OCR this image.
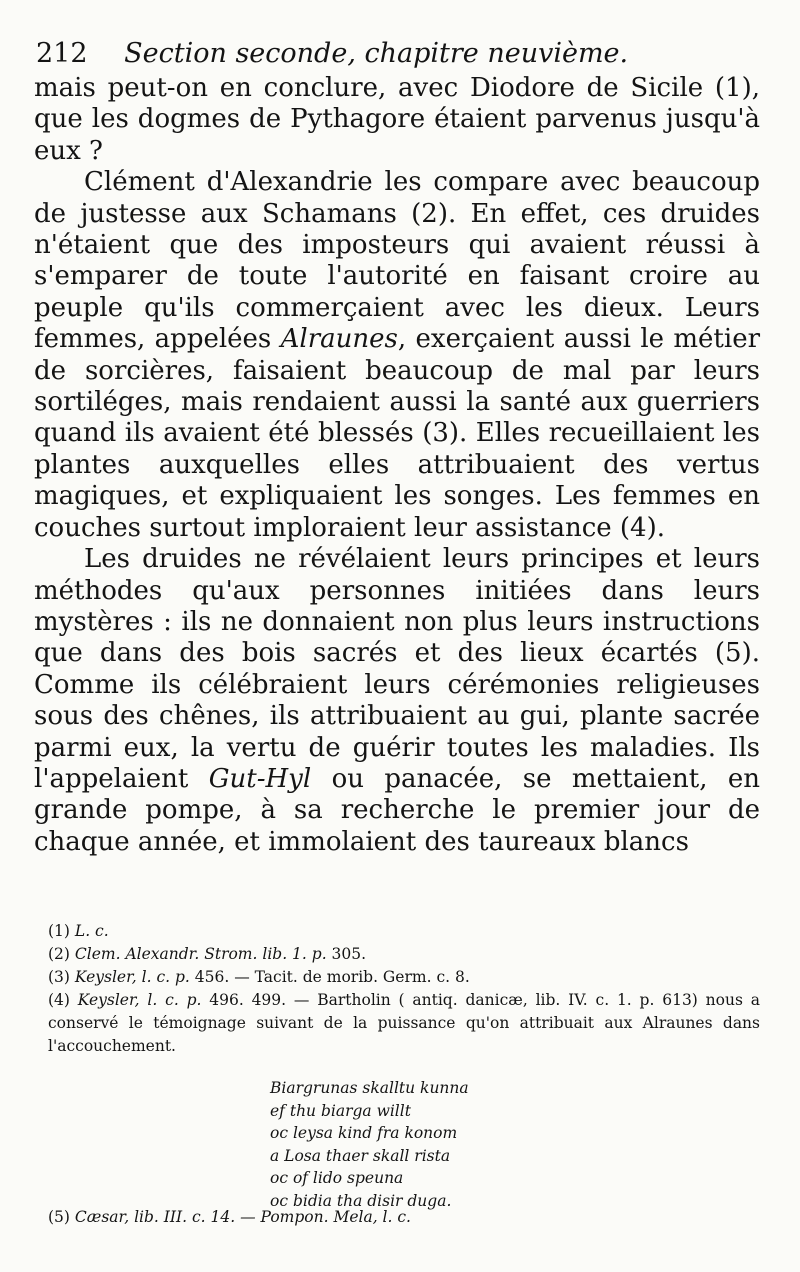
212 Section seconde, chapitre neuvième.

mais peut-on en conclure, avec Diodore de Sicile (1), que les dogmes de Pythagore étaient parvenus jusqu'à eux ?

Clément d'Alexandrie les compare avec beaucoup de justesse aux Schamans (2). En effet, ces druides n'étaient que des imposteurs qui avaient réussi à s'emparer de toute l'autorité en faisant croire au peuple qu'ils commerçaient avec les dieux. Leurs femmes, appelées Alraunes, exerçaient aussi le métier de sorcières, faisaient beaucoup de mal par leurs sortiléges, mais rendaient aussi la santé aux guerriers quand ils avaient été blessés (3). Elles recueillaient les plantes auxquelles elles attribuaient des vertus magiques, et expliquaient les songes. Les femmes en couches surtout imploraient leur assistance (4).

Les druides ne révélaient leurs principes et leurs méthodes qu'aux personnes initiées dans leurs mystères : ils ne donnaient non plus leurs instructions que dans des bois sacrés et des lieux écartés (5). Comme ils célébraient leurs cérémonies religieuses sous des chênes, ils attribuaient au gui, plante sacrée parmi eux, la vertu de guérir toutes les maladies. Ils l'appelaient Gut-Hyl ou panacée, se mettaient, en grande pompe, à sa recherche le premier jour de chaque année, et immolaient des taureaux blancs

(1) L. c.

(2) Clem. Alexandr. Strom. lib. 1. p. 305.

(3) Keysler, l. c. p. 456. — Tacit. de morib. Germ. c. 8.

(4) Keysler, l. c. p. 496. 499. — Bartholin ( antiq. danicæ, lib. IV. c. 1. p. 613) nous a conservé le témoignage suivant de la puissance qu'on attribuait aux Alraunes dans l'accouchement.

Biargrunas skalltu kunna
ef thu biarga willt
oc leysa kind fra konom
a Losa thaer skall rista
oc of lido speuna
oc bidia tha disir duga.
(5) Cæsar, lib. III. c. 14. — Pompon. Mela, l. c.
